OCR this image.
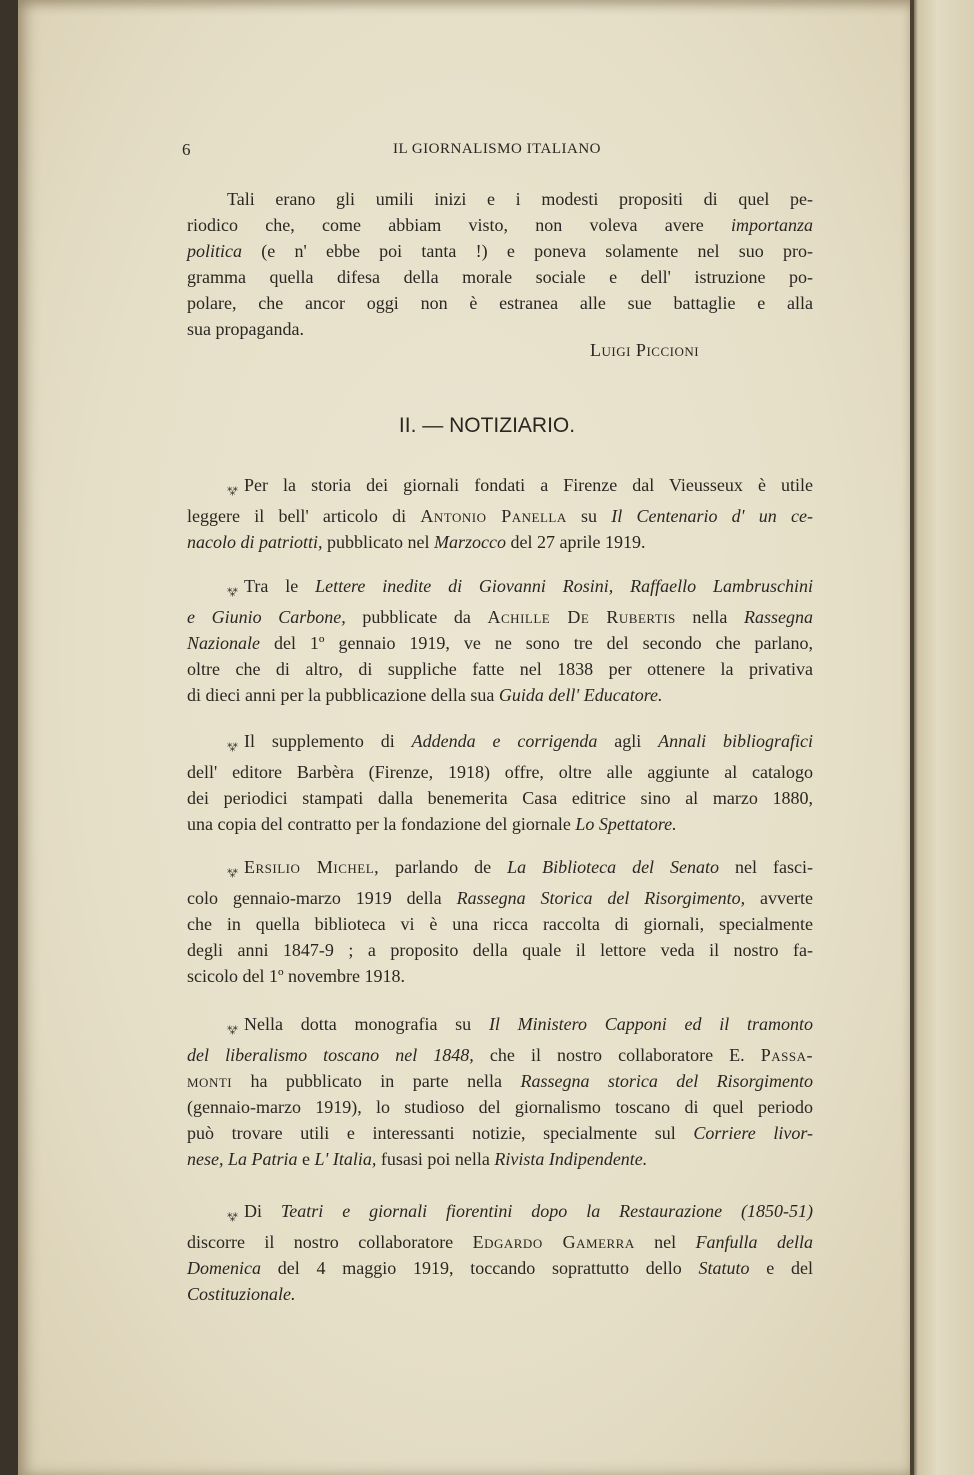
6	IL GIORNALISMO ITALIANO
Tali erano gli umili inizi e i modesti propositi di quel pe-
riodico che, come abbiam visto, non voleva avere importanza
politica (e n' ebbe poi tanta !) e poneva solamente nel suo pro-
gramma quella difesa della morale sociale e dell' istruzione po-
polare, che ancor oggi non è estranea alle sue battaglie e alla
sua propaganda.
Luigi Piccioni
II. — NOTIZIARIO.
⁂ Per la storia dei giornali fondati a Firenze dal Vieusseux è utile
leggere il bell' articolo di Antonio Panella su Il Centenario d' un ce-
nacolo di patriotti, pubblicato nel Marzocco del 27 aprile 1919.
⁂ Tra le Lettere inedite di Giovanni Rosini, Raffaello Lambruschini
e Giunio Carbone, pubblicate da Achille De Rubertis nella Rassegna
Nazionale del 1º gennaio 1919, ve ne sono tre del secondo che parlano,
oltre che di altro, di suppliche fatte nel 1838 per ottenere la privativa
di dieci anni per la pubblicazione della sua Guida dell' Educatore.
⁂ Il supplemento di Addenda e corrigenda agli Annali bibliografici
dell' editore Barbèra (Firenze, 1918) offre, oltre alle aggiunte al catalogo
dei periodici stampati dalla benemerita Casa editrice sino al marzo 1880,
una copia del contratto per la fondazione del giornale Lo Spettatore.
⁂ Ersilio Michel, parlando de La Biblioteca del Senato nel fasci-
colo gennaio-marzo 1919 della Rassegna Storica del Risorgimento, avverte
che in quella biblioteca vi è una ricca raccolta di giornali, specialmente
degli anni 1847-9 ; a proposito della quale il lettore veda il nostro fa-
scicolo del 1º novembre 1918.
⁂ Nella dotta monografia su Il Ministero Capponi ed il tramonto
del liberalismo toscano nel 1848, che il nostro collaboratore E. Passa-
monti ha pubblicato in parte nella Rassegna storica del Risorgimento
(gennaio-marzo 1919), lo studioso del giornalismo toscano di quel periodo
può trovare utili e interessanti notizie, specialmente sul Corriere livor-
nese, La Patria e L' Italia, fusasi poi nella Rivista Indipendente.
⁂ Di Teatri e giornali fiorentini dopo la Restaurazione (1850-51)
discorre il nostro collaboratore Edgardo Gamerra nel Fanfulla della
Domenica del 4 maggio 1919, toccando soprattutto dello Statuto e del
Costituzionale.
